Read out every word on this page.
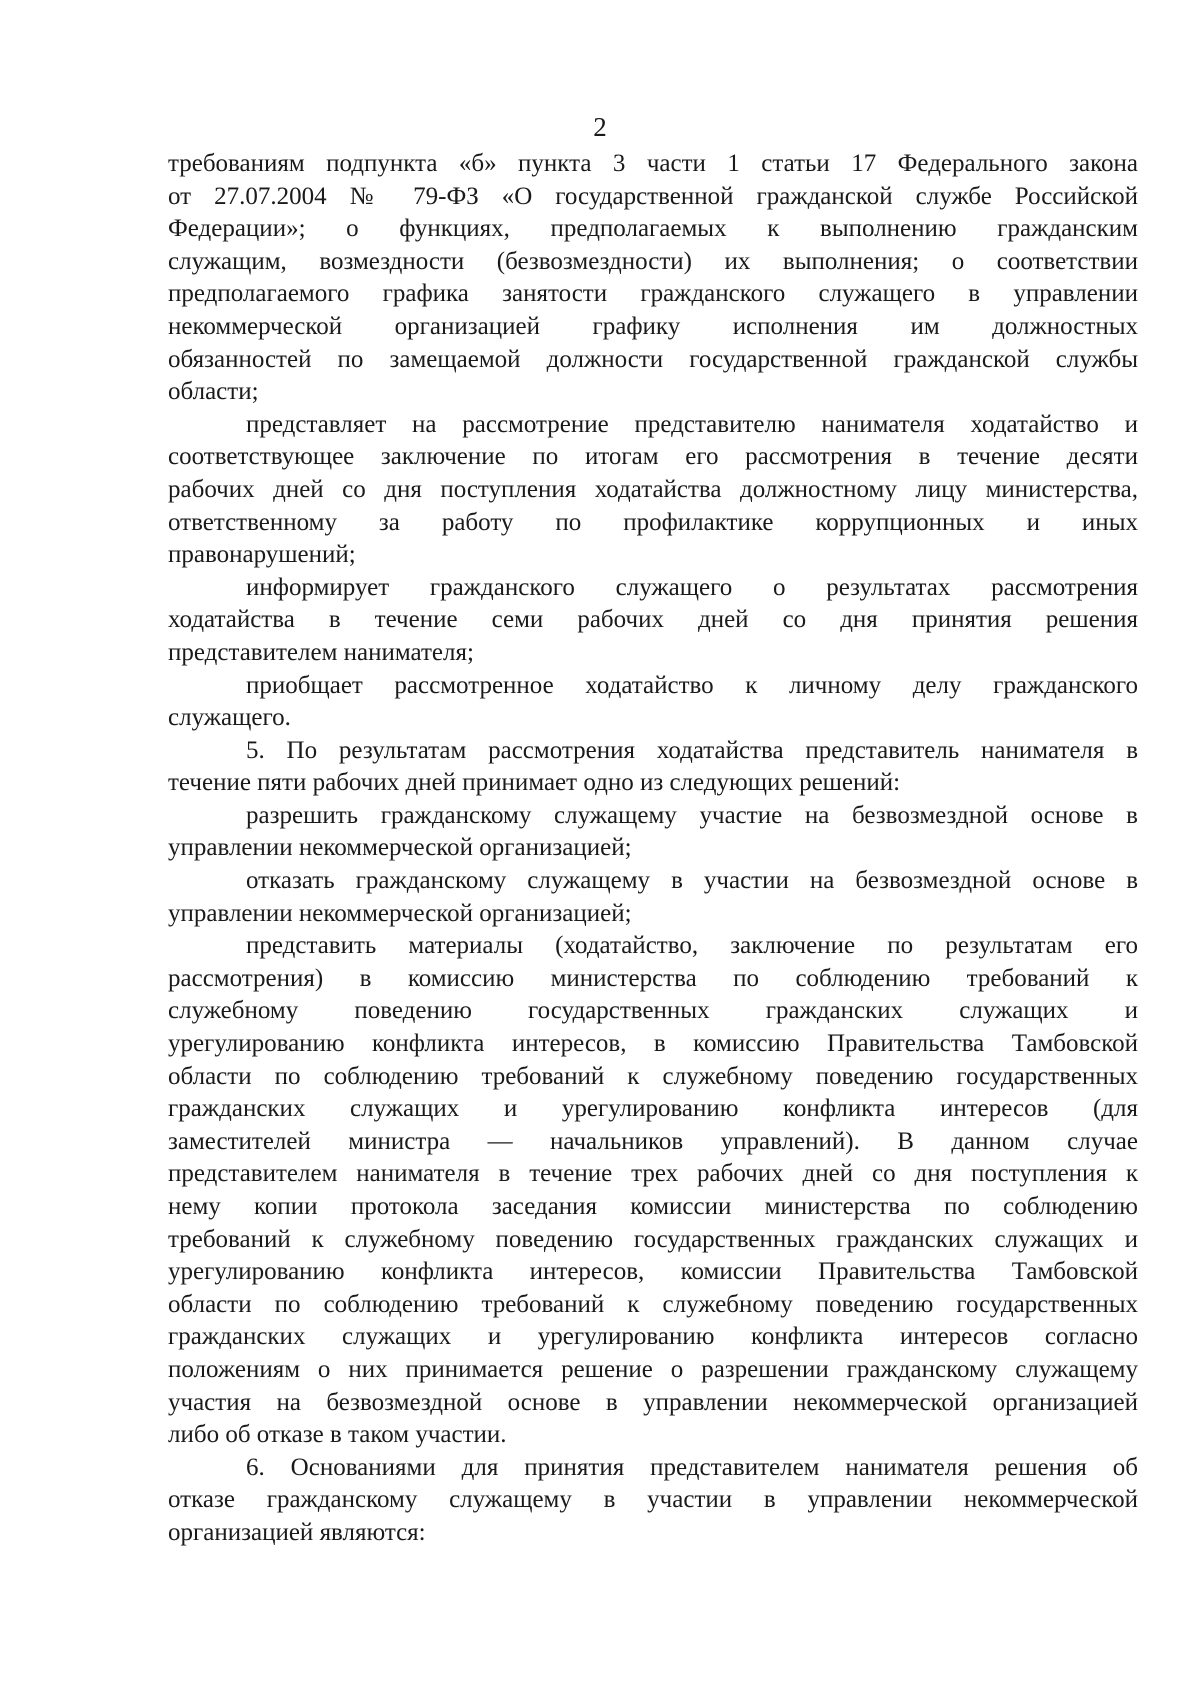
2
требованиям подпункта «б» пункта 3 части 1 статьи 17 Федерального закона
от 27.07.2004 № 79-ФЗ «О государственной гражданской службе Российской
Федерации»; о функциях, предполагаемых к выполнению гражданским
служащим, возмездности (безвозмездности) их выполнения; о соответствии
предполагаемого графика занятости гражданского служащего в управлении
некоммерческой организацией графику исполнения им должностных
обязанностей по замещаемой должности государственной гражданской службы
области;
представляет на рассмотрение представителю нанимателя ходатайство и
соответствующее заключение по итогам его рассмотрения в течение десяти
рабочих дней со дня поступления ходатайства должностному лицу министерства,
ответственному за работу по профилактике коррупционных и иных
правонарушений;
информирует гражданского служащего о результатах рассмотрения
ходатайства в течение семи рабочих дней со дня принятия решения
представителем нанимателя;
приобщает рассмотренное ходатайство к личному делу гражданского
служащего.
5. По результатам рассмотрения ходатайства представитель нанимателя в
течение пяти рабочих дней принимает одно из следующих решений:
разрешить гражданскому служащему участие на безвозмездной основе в
управлении некоммерческой организацией;
отказать гражданскому служащему в участии на безвозмездной основе в
управлении некоммерческой организацией;
представить материалы (ходатайство, заключение по результатам его
рассмотрения) в комиссию министерства по соблюдению требований к
служебному поведению государственных гражданских служащих и
урегулированию конфликта интересов, в комиссию Правительства Тамбовской
области по соблюдению требований к служебному поведению государственных
гражданских служащих и урегулированию конфликта интересов (для
заместителей министра — начальников управлений). В данном случае
представителем нанимателя в течение трех рабочих дней со дня поступления к
нему копии протокола заседания комиссии министерства по соблюдению
требований к служебному поведению государственных гражданских служащих и
урегулированию конфликта интересов, комиссии Правительства Тамбовской
области по соблюдению требований к служебному поведению государственных
гражданских служащих и урегулированию конфликта интересов согласно
положениям о них принимается решение о разрешении гражданскому служащему
участия на безвозмездной основе в управлении некоммерческой организацией
либо об отказе в таком участии.
6. Основаниями для принятия представителем нанимателя решения об
отказе гражданскому служащему в участии в управлении некоммерческой
организацией являются:
